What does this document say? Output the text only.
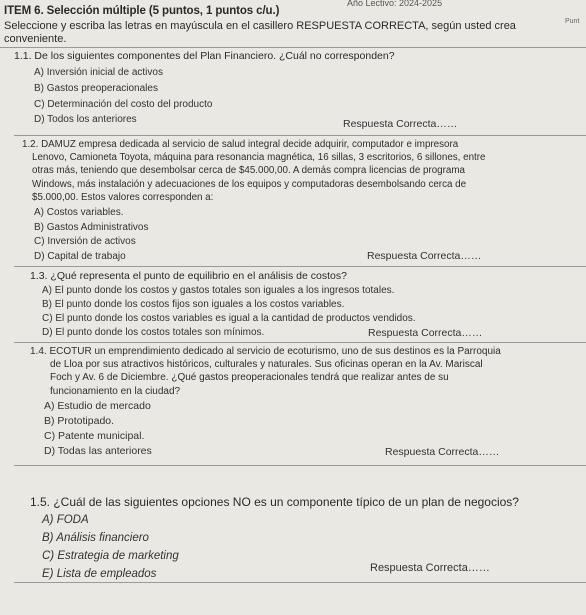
Año Lectivo: 2024-2025
Punt
ITEM 6. Selección múltiple (5 puntos, 1 puntos c/u.)
Seleccione y escriba las letras en mayúscula en el casillero RESPUESTA CORRECTA, según usted crea
conveniente.
1.1. De los siguientes componentes del Plan Financiero. ¿Cuál no corresponden?
A) Inversión inicial de activos
B) Gastos preoperacionales
C) Determinación del costo del producto
D) Todos los anteriores	Respuesta Correcta……
1.2. DAMUZ empresa dedicada al servicio de salud integral decide adquirir, computador e impresora
Lenovo, Camioneta Toyota, máquina para resonancia magnética, 16 sillas, 3 escritorios, 6 sillones, entre
otras más, teniendo que desembolsar cerca de $45.000,00. A demás compra licencias de programa
Windows, más instalación y adecuaciones de los equipos y computadoras desembolsando cerca de
$5.000,00. Estos valores corresponden a:
A) Costos variables.
B) Gastos Administrativos
C) Inversión de activos
D) Capital de trabajo	Respuesta Correcta……
1.3. ¿Qué representa el punto de equilibrio en el análisis de costos?
A) El punto donde los costos y gastos totales son iguales a los ingresos totales.
B) El punto donde los costos fijos son iguales a los costos variables.
C) El punto donde los costos variables es igual a la cantidad de productos vendidos.
D) El punto donde los costos totales son mínimos.	Respuesta Correcta……
1.4. ECOTUR un emprendimiento dedicado al servicio de ecoturismo, uno de sus destinos es la Parroquia
de Lloa por sus atractivos históricos, culturales y naturales. Sus oficinas operan en la Av. Mariscal
Foch y Av. 6 de Diciembre. ¿Qué gastos preoperacionales tendrá que realizar antes de su
funcionamiento en la ciudad?
A) Estudio de mercado
B) Prototipado.
C) Patente municipal.
D) Todas las anteriores	Respuesta Correcta……
1.5. ¿Cuál de las siguientes opciones NO es un componente típico de un plan de negocios?
A) FODA
B) Análisis financiero
C) Estrategia de marketing
E) Lista de empleados	Respuesta Correcta……
